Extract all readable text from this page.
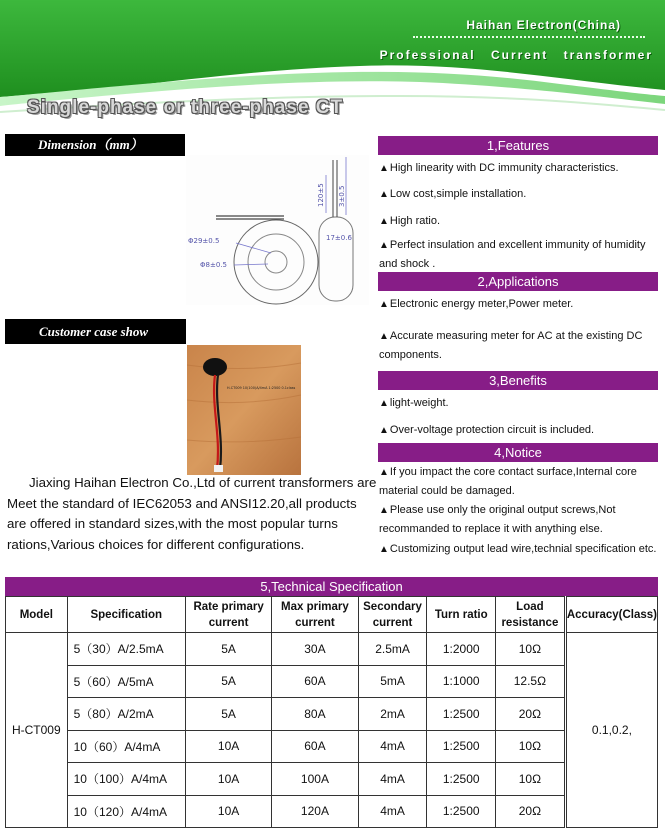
Haihan Electron(China)
Professional Current transformer
Single-phase or three-phase CT
Dimension（mm）
Φ29±0.5
Φ8±0.5
120±5 3±0.5
17±0.6
Customer case show
H-CT009 10(100)A/4mA 1:2500 0.1class

Jiaxing Haihan Electron Co.,Ltd of current transformers are Meet the standard of IEC62053 and ANSI12.20,all products are offered in standard sizes,with the most popular turns rations,Various choices for different configurations.

1,Features
▲High linearity with DC immunity characteristics.
▲Low cost,simple installation.
▲High ratio.
▲Perfect insulation and excellent immunity of humidity and shock .
2,Applications
▲Electronic energy meter,Power meter.
▲Accurate measuring meter for AC at the existing DC components.
3,Benefits
▲light-weight.
▲Over-voltage protection circuit is included.
4,Notice
▲If you impact the core contact surface,Internal core material could be damaged.
▲Please use only the original output screws,Not recommanded to replace it with anything else.
▲Customizing output lead wire,technial specification etc.
5,Technical Specification
Model	Specification	Rate primary current	Max primary current	Secondary current	Turn ratio	Load resistance	Accuracy(Class)
H-CT009	5（30）A/2.5mA	5A	30A	2.5mA	1:2000	10Ω	0.1,0.2,
	5（60）A/5mA	5A	60A	5mA	1:1000	12.5Ω	
	5（80）A/2mA	5A	80A	2mA	1:2500	20Ω	
	10（60）A/4mA	10A	60A	4mA	1:2500	10Ω	
	10（100）A/4mA	10A	100A	4mA	1:2500	10Ω	
	10（120）A/4mA	10A	120A	4mA	1:2500	20Ω	
